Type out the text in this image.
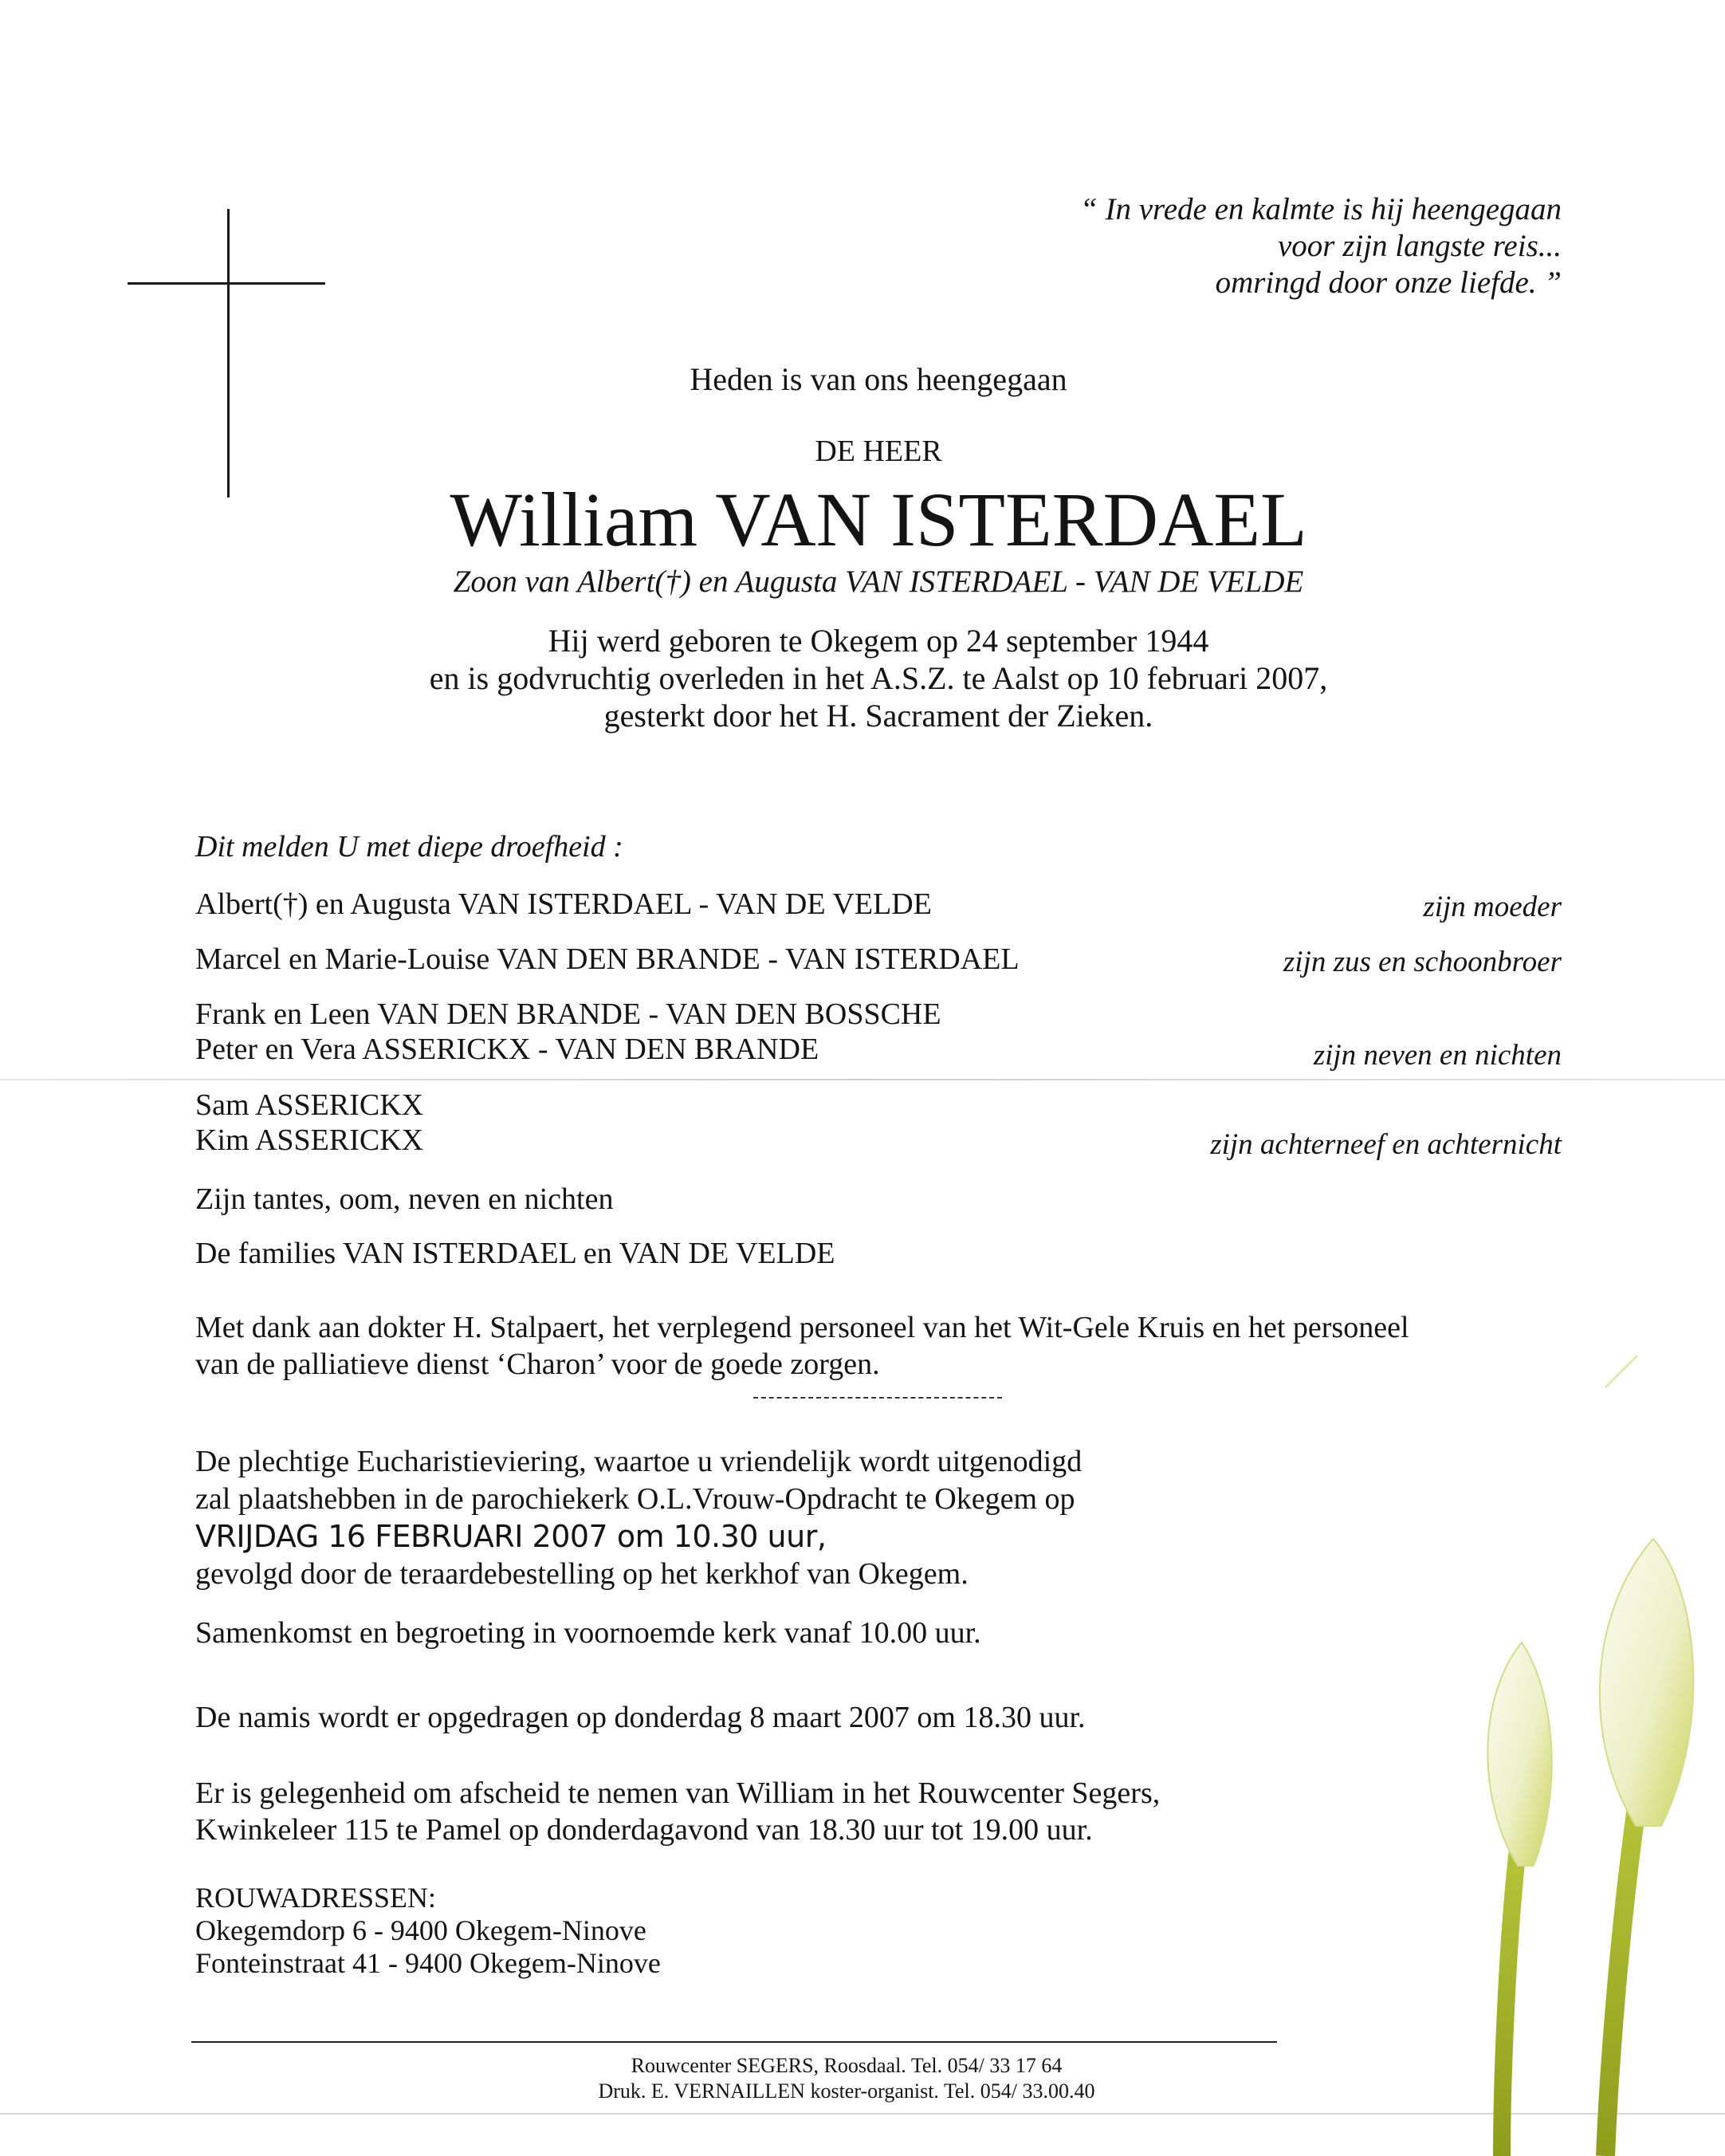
“ In vrede en kalmte is hij heengegaan
voor zijn langste reis...
omringd door onze liefde. ”
Heden is van ons heengegaan
DE HEER
William VAN ISTERDAEL
Zoon van Albert(†) en Augusta VAN ISTERDAEL - VAN DE VELDE
Hij werd geboren te Okegem op 24 september 1944
en is godvruchtig overleden in het A.S.Z. te Aalst op 10 februari 2007,
gesterkt door het H. Sacrament der Zieken.
Dit melden U met diepe droefheid :
Albert(†) en Augusta VAN ISTERDAEL - VAN DE VELDE	zijn moeder
Marcel en Marie-Louise VAN DEN BRANDE - VAN ISTERDAEL	zijn zus en schoonbroer
Frank en Leen VAN DEN BRANDE - VAN DEN BOSSCHE
Peter en Vera ASSERICKX - VAN DEN BRANDE	zijn neven en nichten
Sam ASSERICKX
Kim ASSERICKX	zijn achterneef en achternicht
Zijn tantes, oom, neven en nichten
De families VAN ISTERDAEL en VAN DE VELDE
Met dank aan dokter H. Stalpaert, het verplegend personeel van het Wit-Gele Kruis en het personeel
van de palliatieve dienst ‘Charon’ voor de goede zorgen.
De plechtige Eucharistieviering, waartoe u vriendelijk wordt uitgenodigd
zal plaatshebben in de parochiekerk O.L.Vrouw-Opdracht te Okegem op
VRIJDAG 16 FEBRUARI 2007 om 10.30 uur,
gevolgd door de teraardebestelling op het kerkhof van Okegem.
Samenkomst en begroeting in voornoemde kerk vanaf 10.00 uur.
De namis wordt er opgedragen op donderdag 8 maart 2007 om 18.30 uur.
Er is gelegenheid om afscheid te nemen van William in het Rouwcenter Segers,
Kwinkeleer 115 te Pamel op donderdagavond van 18.30 uur tot 19.00 uur.
ROUWADRESSEN:
Okegemdorp 6 - 9400 Okegem-Ninove
Fonteinstraat 41 - 9400 Okegem-Ninove
Rouwcenter SEGERS, Roosdaal. Tel. 054/ 33 17 64
Druk. E. VERNAILLEN koster-organist. Tel. 054/ 33.00.40
